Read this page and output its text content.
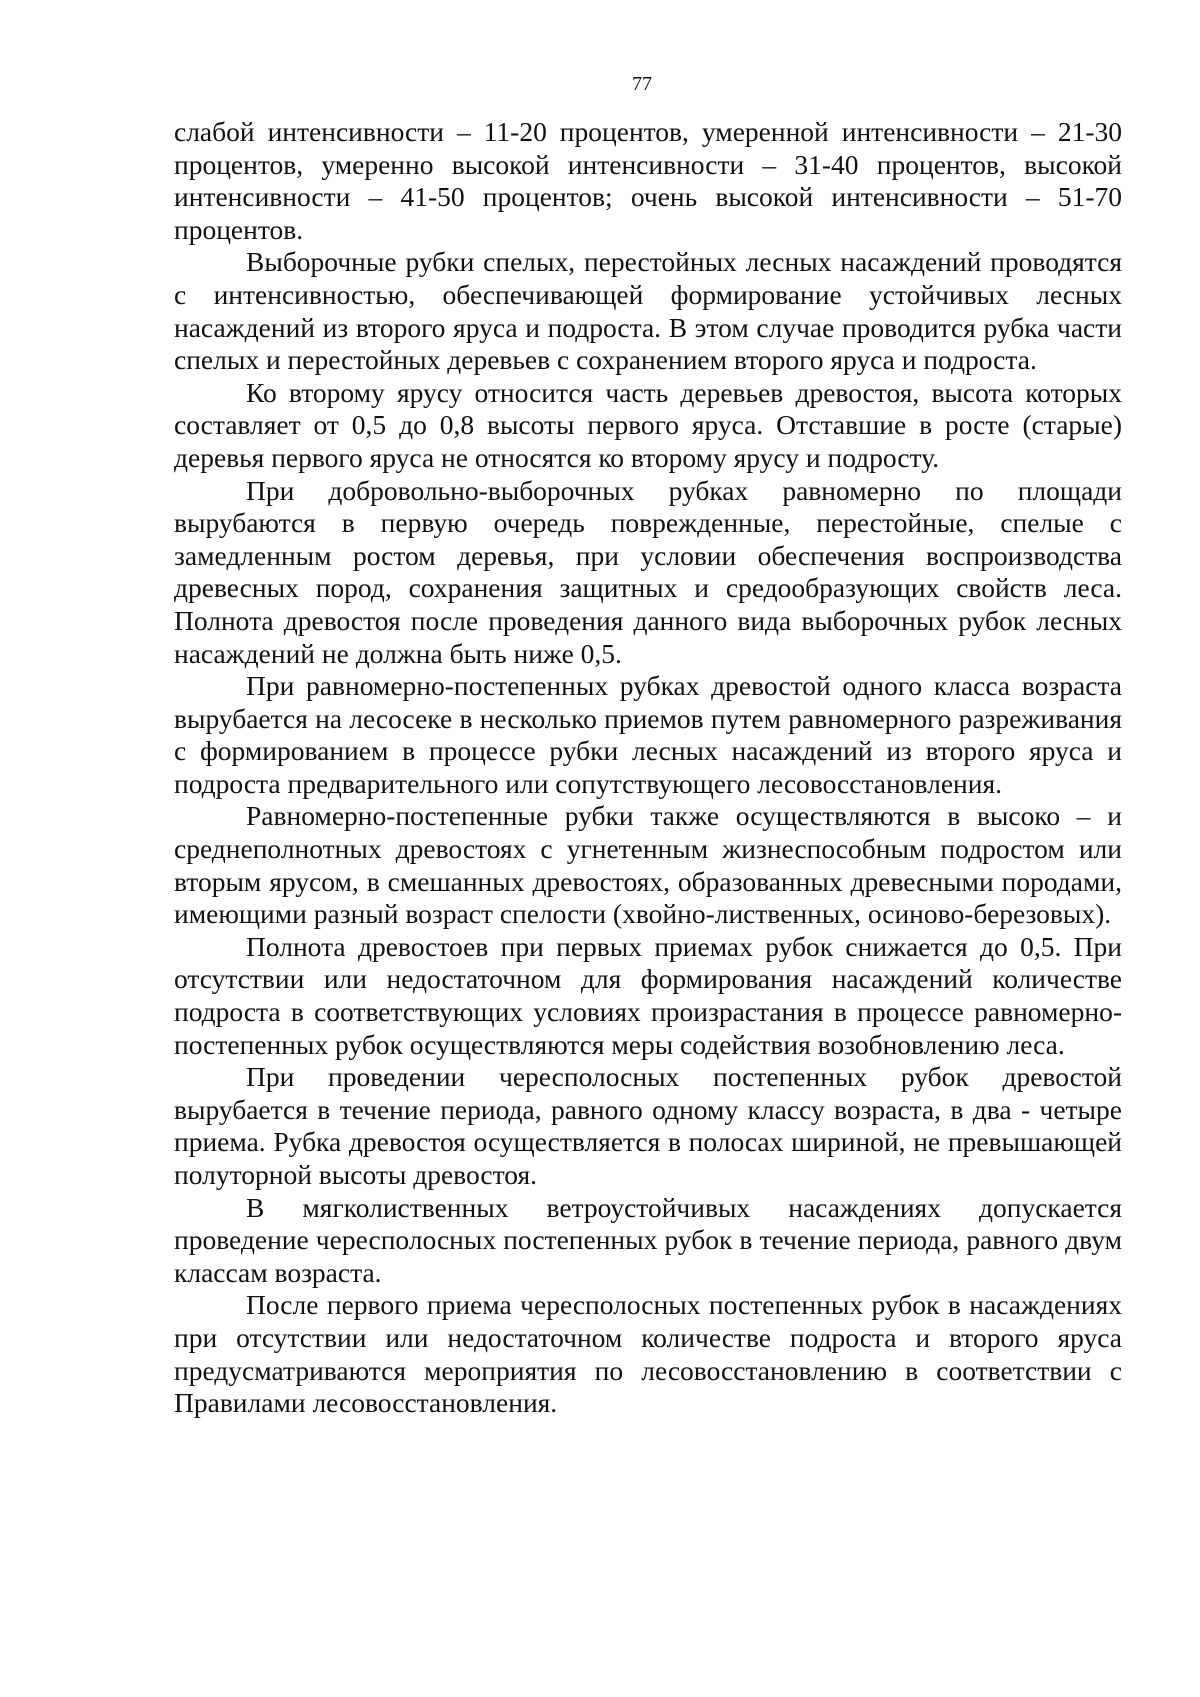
77

слабой интенсивности – 11-20 процентов, умеренной интенсивности – 21-30 процентов, умеренно высокой интенсивности – 31-40 процентов, высокой интенсивности – 41-50 процентов; очень высокой интенсивности – 51-70 процентов.

Выборочные рубки спелых, перестойных лесных насаждений проводятся с интенсивностью, обеспечивающей формирование устойчивых лесных насаждений из второго яруса и подроста. В этом случае проводится рубка части спелых и перестойных деревьев с сохранением второго яруса и подроста.

Ко второму ярусу относится часть деревьев древостоя, высота которых составляет от 0,5 до 0,8 высоты первого яруса. Отставшие в росте (старые) деревья первого яруса не относятся ко второму ярусу и подросту.

При добровольно-выборочных рубках равномерно по площади вырубаются в первую очередь поврежденные, перестойные, спелые с замедленным ростом деревья, при условии обеспечения воспроизводства древесных пород, сохранения защитных и средообразующих свойств леса. Полнота древостоя после проведения данного вида выборочных рубок лесных насаждений не должна быть ниже 0,5.

При равномерно-постепенных рубках древостой одного класса возраста вырубается на лесосеке в несколько приемов путем равномерного разреживания с формированием в процессе рубки лесных насаждений из второго яруса и подроста предварительного или сопутствующего лесовосстановления.

Равномерно-постепенные рубки также осуществляются в высоко – и среднеполнотных древостоях с угнетенным жизнеспособным подростом или вторым ярусом, в смешанных древостоях, образованных древесными породами, имеющими разный возраст спелости (хвойно-лиственных, осиново-березовых).

Полнота древостоев при первых приемах рубок снижается до 0,5. При отсутствии или недостаточном для формирования насаждений количестве подроста в соответствующих условиях произрастания в процессе равномерно-постепенных рубок осуществляются меры содействия возобновлению леса.

При проведении чересполосных постепенных рубок древостой вырубается в течение периода, равного одному классу возраста, в два - четыре приема. Рубка древостоя осуществляется в полосах шириной, не превышающей полуторной высоты древостоя.

В мягколиственных ветроустойчивых насаждениях допускается проведение чересполосных постепенных рубок в течение периода, равного двум классам возраста.

После первого приема чересполосных постепенных рубок в насаждениях при отсутствии или недостаточном количестве подроста и второго яруса предусматриваются мероприятия по лесовосстановлению в соответствии с Правилами лесовосстановления.
